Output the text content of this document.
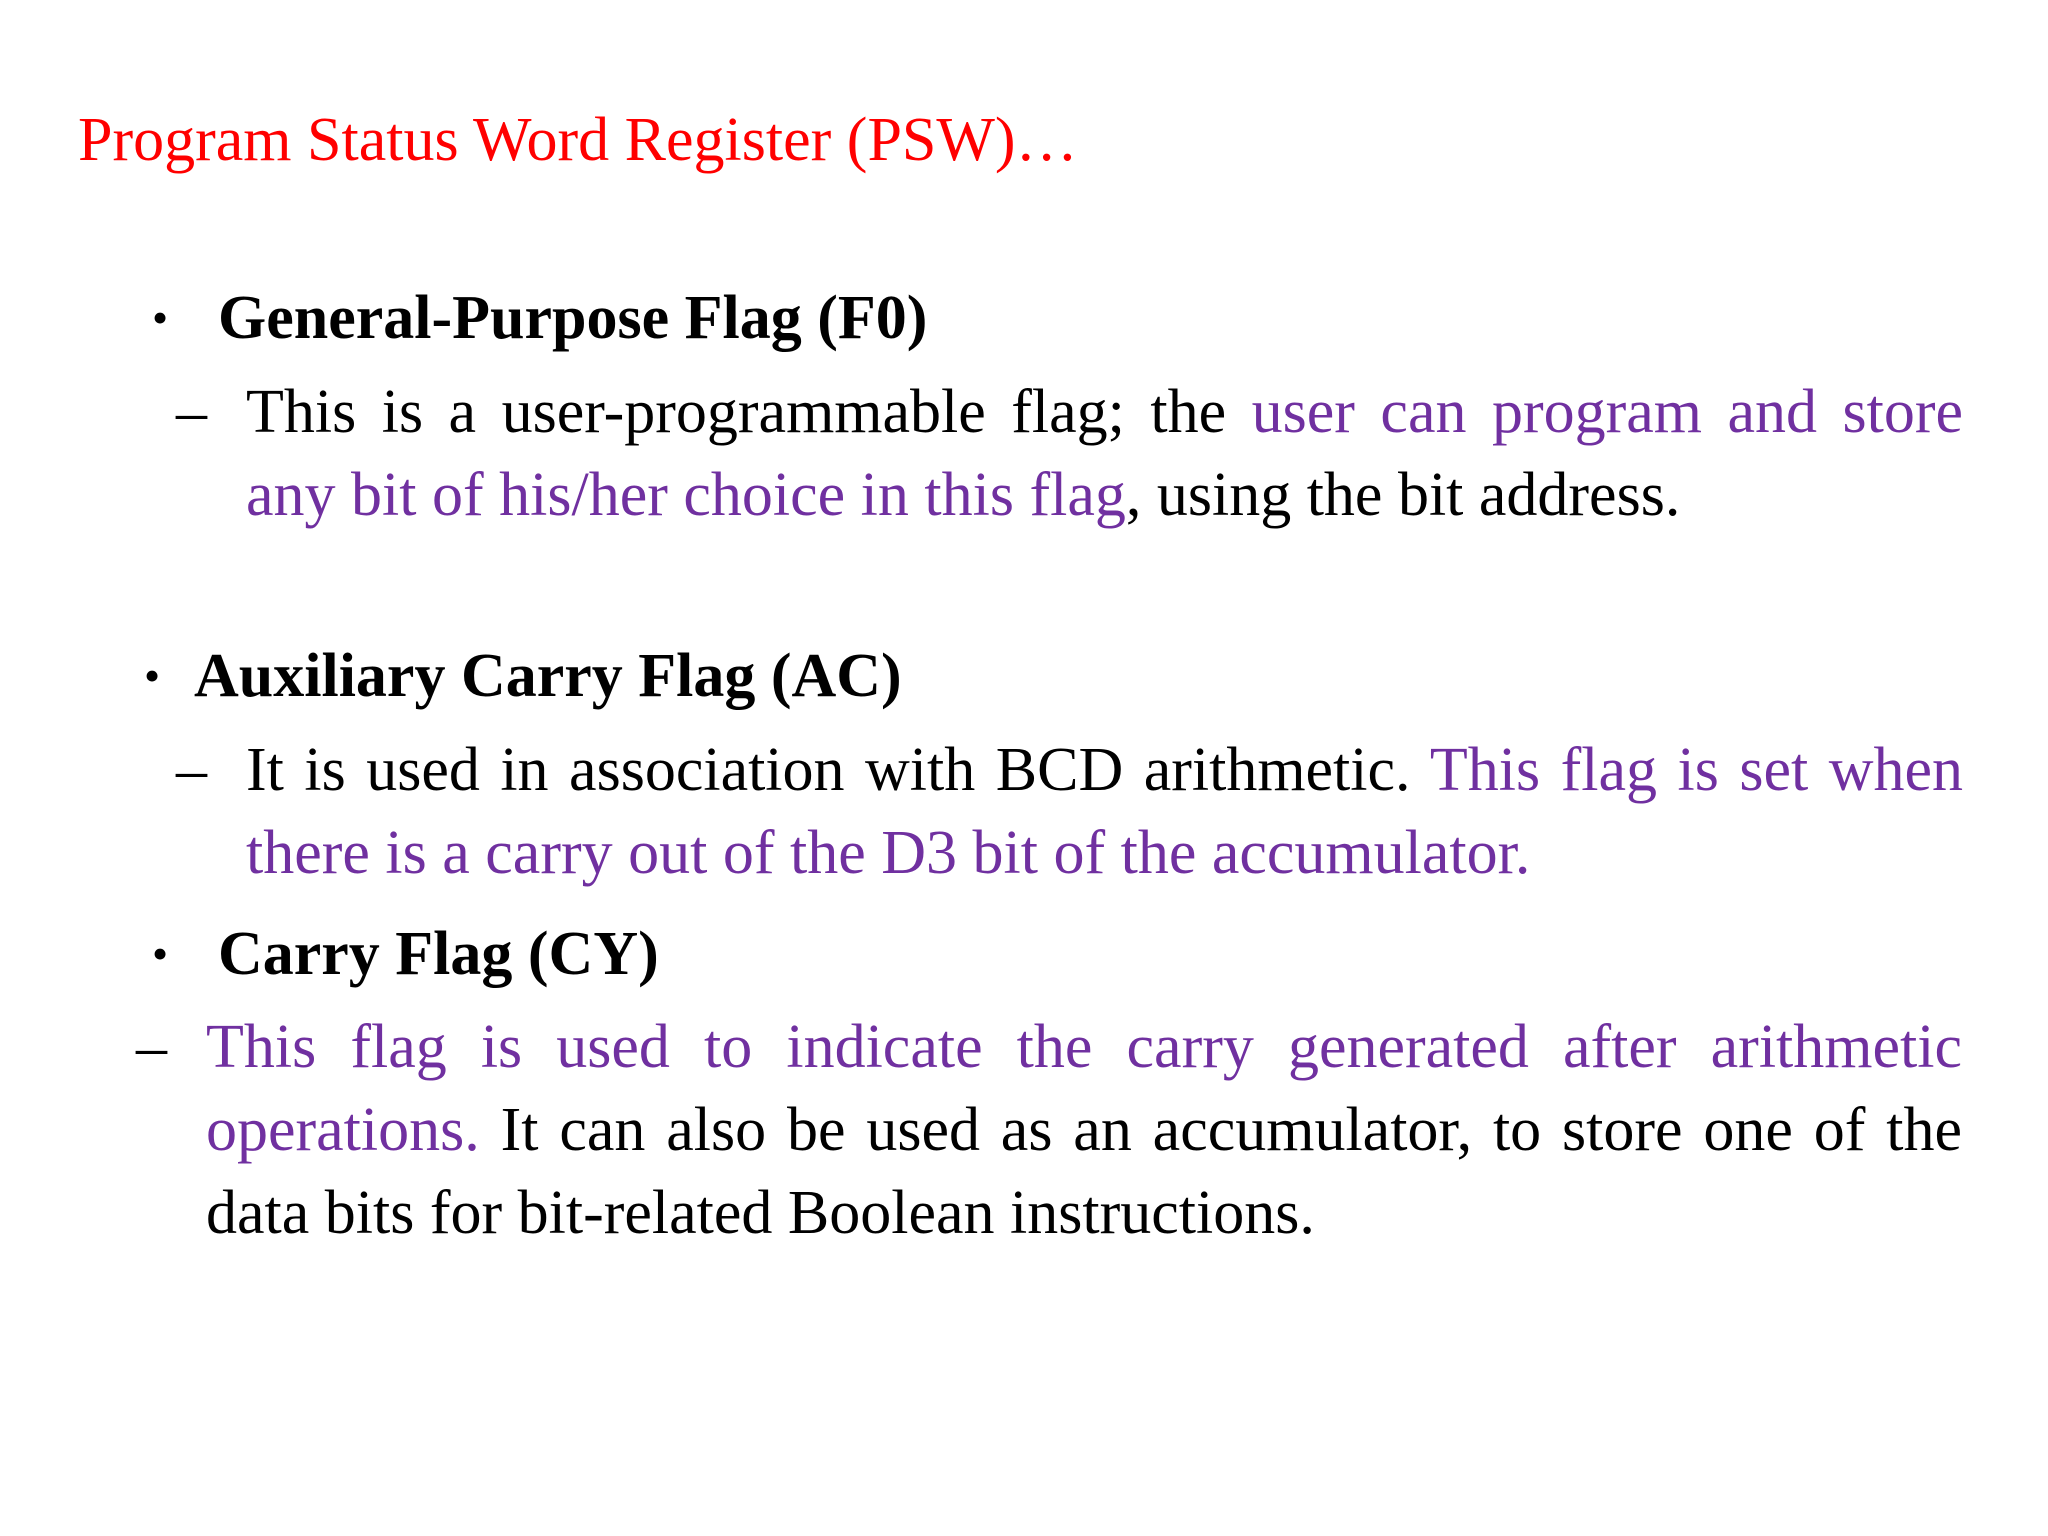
Program Status Word Register (PSW)…
• General-Purpose Flag (F0)
– This is a user-programmable flag; the user can program and store any bit of his/her choice in this flag, using the bit address.
• Auxiliary Carry Flag (AC)
– It is used in association with BCD arithmetic. This flag is set when there is a carry out of the D3 bit of the accumulator.
• Carry Flag (CY)
– This flag is used to indicate the carry generated after arithmetic operations. It can also be used as an accumulator, to store one of the data bits for bit-related Boolean instructions.
